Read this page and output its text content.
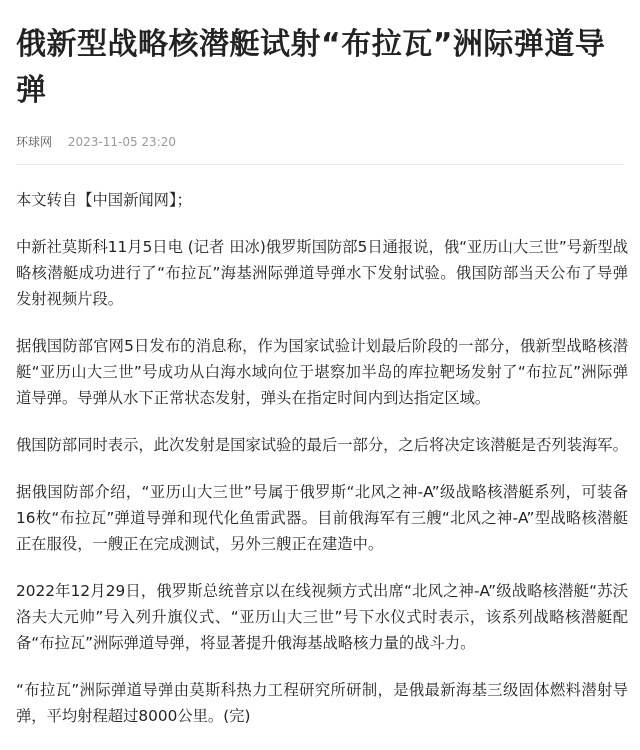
俄新型战略核潜艇试射“布拉瓦”洲际弹道导弹
环球网 2023-11-05 23:20

本文转自【中国新闻网】；

中新社莫斯科11月5日电 (记者 田冰)俄罗斯国防部5日通报说，俄“亚历山大三世”号新型战略核潜艇成功进行了“布拉瓦”海基洲际弹道导弹水下发射试验。俄国防部当天公布了导弹发射视频片段。

据俄国防部官网5日发布的消息称，作为国家试验计划最后阶段的一部分，俄新型战略核潜艇“亚历山大三世”号成功从白海水域向位于堪察加半岛的库拉靶场发射了“布拉瓦”洲际弹道导弹。导弹从水下正常状态发射，弹头在指定时间内到达指定区域。

俄国防部同时表示，此次发射是国家试验的最后一部分，之后将决定该潜艇是否列装海军。

据俄国防部介绍，“亚历山大三世”号属于俄罗斯“北风之神-A”级战略核潜艇系列，可装备16枚“布拉瓦”弹道导弹和现代化鱼雷武器。目前俄海军有三艘“北风之神-A”型战略核潜艇正在服役，一艘正在完成测试，另外三艘正在建造中。

2022年12月29日，俄罗斯总统普京以在线视频方式出席“北风之神-A”级战略核潜艇“苏沃洛夫大元帅”号入列升旗仪式、“亚历山大三世”号下水仪式时表示，该系列战略核潜艇配备“布拉瓦”洲际弹道导弹，将显著提升俄海基战略核力量的战斗力。

“布拉瓦”洲际弹道导弹由莫斯科热力工程研究所研制，是俄最新海基三级固体燃料潜射导弹，平均射程超过8000公里。(完)
